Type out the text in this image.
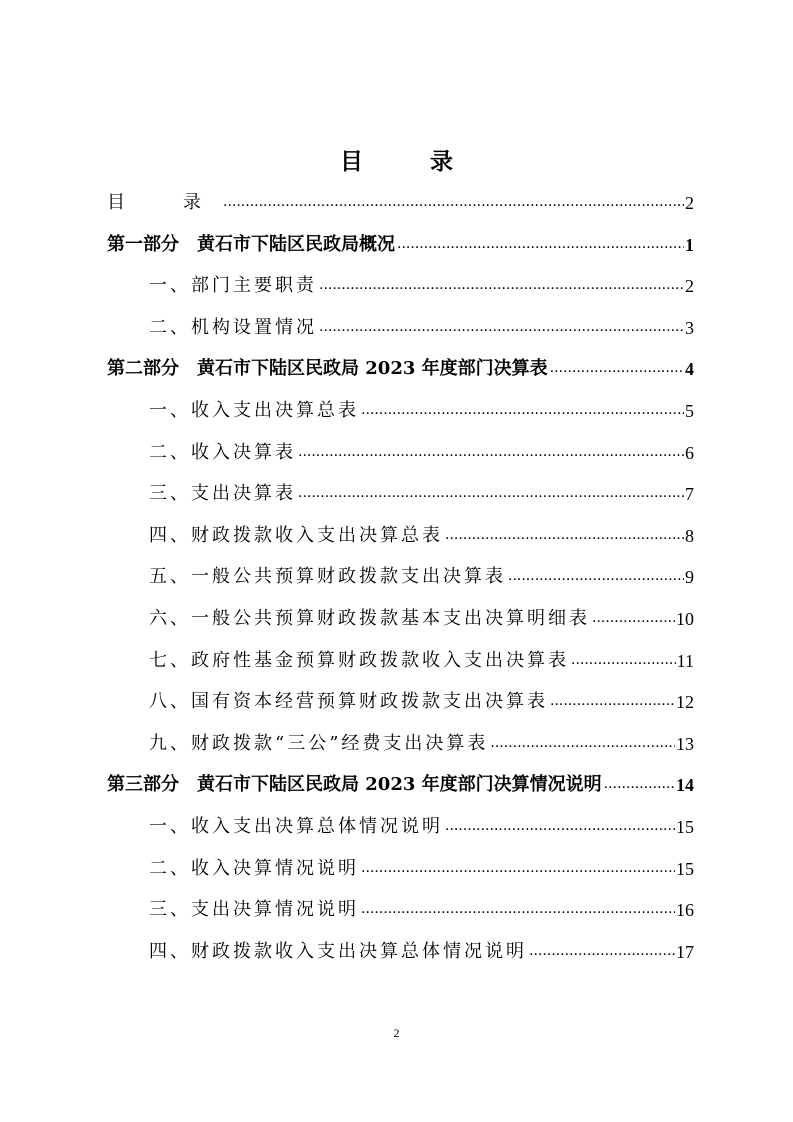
目　录
目　录 .....	2
第一部分　黄石市下陆区民政局概况 .....	1
一、部门主要职责 .....	2
二、机构设置情况 .....	3
第二部分　黄石市下陆区民政局 2023 年度部门决算表 .....	4
一、收入支出决算总表 .....	5
二、收入决算表 .....	6
三、支出决算表 .....	7
四、财政拨款收入支出决算总表 .....	8
五、一般公共预算财政拨款支出决算表 .....	9
六、一般公共预算财政拨款基本支出决算明细表 .....	10
七、政府性基金预算财政拨款收入支出决算表 .....	11
八、国有资本经营预算财政拨款支出决算表 .....	12
九、财政拨款“三公”经费支出决算表 .....	13
第三部分　黄石市下陆区民政局 2023 年度部门决算情况说明 .....	14
一、收入支出决算总体情况说明 .....	15
二、收入决算情况说明 .....	15
三、支出决算情况说明 .....	16
四、财政拨款收入支出决算总体情况说明 .....	17
2
